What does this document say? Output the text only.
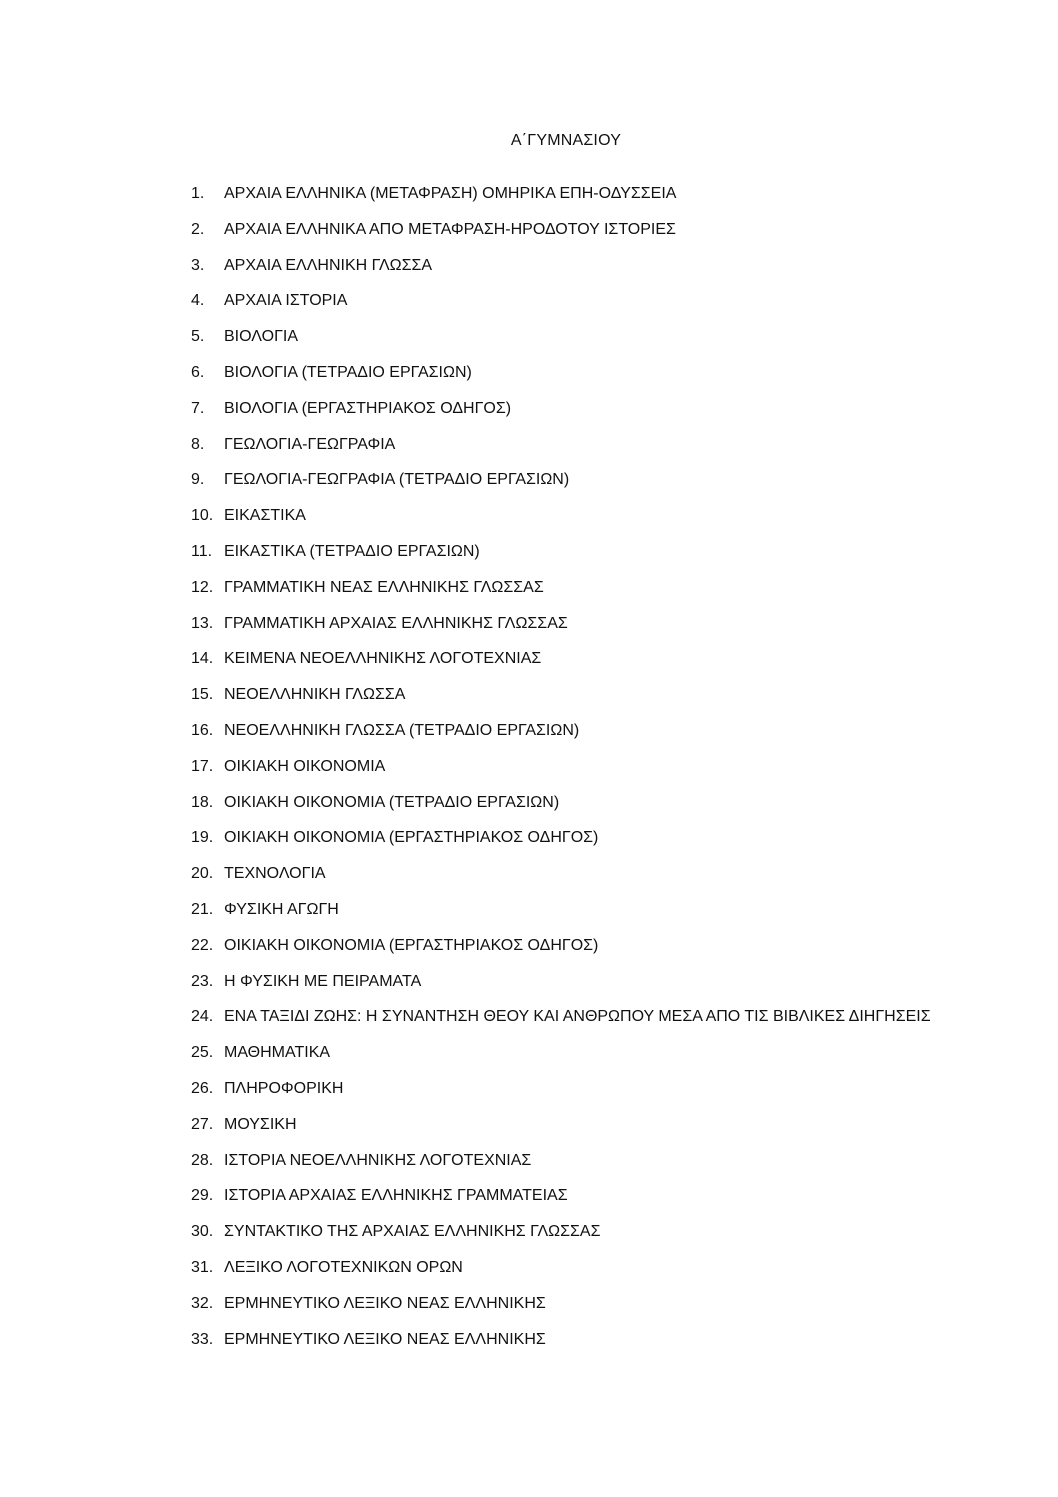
Α΄ΓΥΜΝΑΣΙΟΥ
1.	ΑΡΧΑΙΑ ΕΛΛΗΝΙΚΑ (ΜΕΤΑΦΡΑΣΗ) ΟΜΗΡΙΚΑ ΕΠΗ-ΟΔΥΣΣΕΙΑ
2.	ΑΡΧΑΙΑ ΕΛΛΗΝΙΚΑ ΑΠΟ ΜΕΤΑΦΡΑΣΗ-ΗΡΟΔΟΤΟΥ ΙΣΤΟΡΙΕΣ
3.	ΑΡΧΑΙΑ ΕΛΛΗΝΙΚΗ ΓΛΩΣΣΑ
4.	ΑΡΧΑΙΑ ΙΣΤΟΡΙΑ
5.	ΒΙΟΛΟΓΙΑ
6.	ΒΙΟΛΟΓΙΑ (ΤΕΤΡΑΔΙΟ ΕΡΓΑΣΙΩΝ)
7.	ΒΙΟΛΟΓΙΑ (ΕΡΓΑΣΤΗΡΙΑΚΟΣ ΟΔΗΓΟΣ)
8.	ΓΕΩΛΟΓΙΑ-ΓΕΩΓΡΑΦΙΑ
9.	ΓΕΩΛΟΓΙΑ-ΓΕΩΓΡΑΦΙΑ (ΤΕΤΡΑΔΙΟ ΕΡΓΑΣΙΩΝ)
10. ΕΙΚΑΣΤΙΚΑ
11. ΕΙΚΑΣΤΙΚΑ (ΤΕΤΡΑΔΙΟ ΕΡΓΑΣΙΩΝ)
12. ΓΡΑΜΜΑΤΙΚΗ ΝΕΑΣ ΕΛΛΗΝΙΚΗΣ ΓΛΩΣΣΑΣ
13. ΓΡΑΜΜΑΤΙΚΗ ΑΡΧΑΙΑΣ ΕΛΛΗΝΙΚΗΣ ΓΛΩΣΣΑΣ
14. ΚΕΙΜΕΝΑ ΝΕΟΕΛΛΗΝΙΚΗΣ ΛΟΓΟΤΕΧΝΙΑΣ
15. ΝΕΟΕΛΛΗΝΙΚΗ ΓΛΩΣΣΑ
16. ΝΕΟΕΛΛΗΝΙΚΗ ΓΛΩΣΣΑ (ΤΕΤΡΑΔΙΟ ΕΡΓΑΣΙΩΝ)
17. ΟΙΚΙΑΚΗ ΟΙΚΟΝΟΜΙΑ
18. ΟΙΚΙΑΚΗ ΟΙΚΟΝΟΜΙΑ (ΤΕΤΡΑΔΙΟ ΕΡΓΑΣΙΩΝ)
19. ΟΙΚΙΑΚΗ ΟΙΚΟΝΟΜΙΑ (ΕΡΓΑΣΤΗΡΙΑΚΟΣ ΟΔΗΓΟΣ)
20. ΤΕΧΝΟΛΟΓΙΑ
21. ΦΥΣΙΚΗ ΑΓΩΓΗ
22. ΟΙΚΙΑΚΗ ΟΙΚΟΝΟΜΙΑ (ΕΡΓΑΣΤΗΡΙΑΚΟΣ ΟΔΗΓΟΣ)
23. Η ΦΥΣΙΚΗ ΜΕ ΠΕΙΡΑΜΑΤΑ
24. ΕΝΑ ΤΑΞΙΔΙ ΖΩΗΣ: Η ΣΥΝΑΝΤΗΣΗ ΘΕΟΥ ΚΑΙ ΑΝΘΡΩΠΟΥ ΜΕΣΑ ΑΠΟ ΤΙΣ ΒΙΒΛΙΚΕΣ ΔΙΗΓΗΣΕΙΣ
25. ΜΑΘΗΜΑΤΙΚΑ
26. ΠΛΗΡΟΦΟΡΙΚΗ
27. ΜΟΥΣΙΚΗ
28. ΙΣΤΟΡΙΑ ΝΕΟΕΛΛΗΝΙΚΗΣ ΛΟΓΟΤΕΧΝΙΑΣ
29. ΙΣΤΟΡΙΑ ΑΡΧΑΙΑΣ ΕΛΛΗΝΙΚΗΣ ΓΡΑΜΜΑΤΕΙΑΣ
30. ΣΥΝΤΑΚΤΙΚΟ ΤΗΣ ΑΡΧΑΙΑΣ ΕΛΛΗΝΙΚΗΣ ΓΛΩΣΣΑΣ
31. ΛΕΞΙΚΟ ΛΟΓΟΤΕΧΝΙΚΩΝ ΟΡΩΝ
32. ΕΡΜΗΝΕΥΤΙΚΟ ΛΕΞΙΚΟ ΝΕΑΣ ΕΛΛΗΝΙΚΗΣ
33. ΕΡΜΗΝΕΥΤΙΚΟ ΛΕΞΙΚΟ ΝΕΑΣ ΕΛΛΗΝΙΚΗΣ
